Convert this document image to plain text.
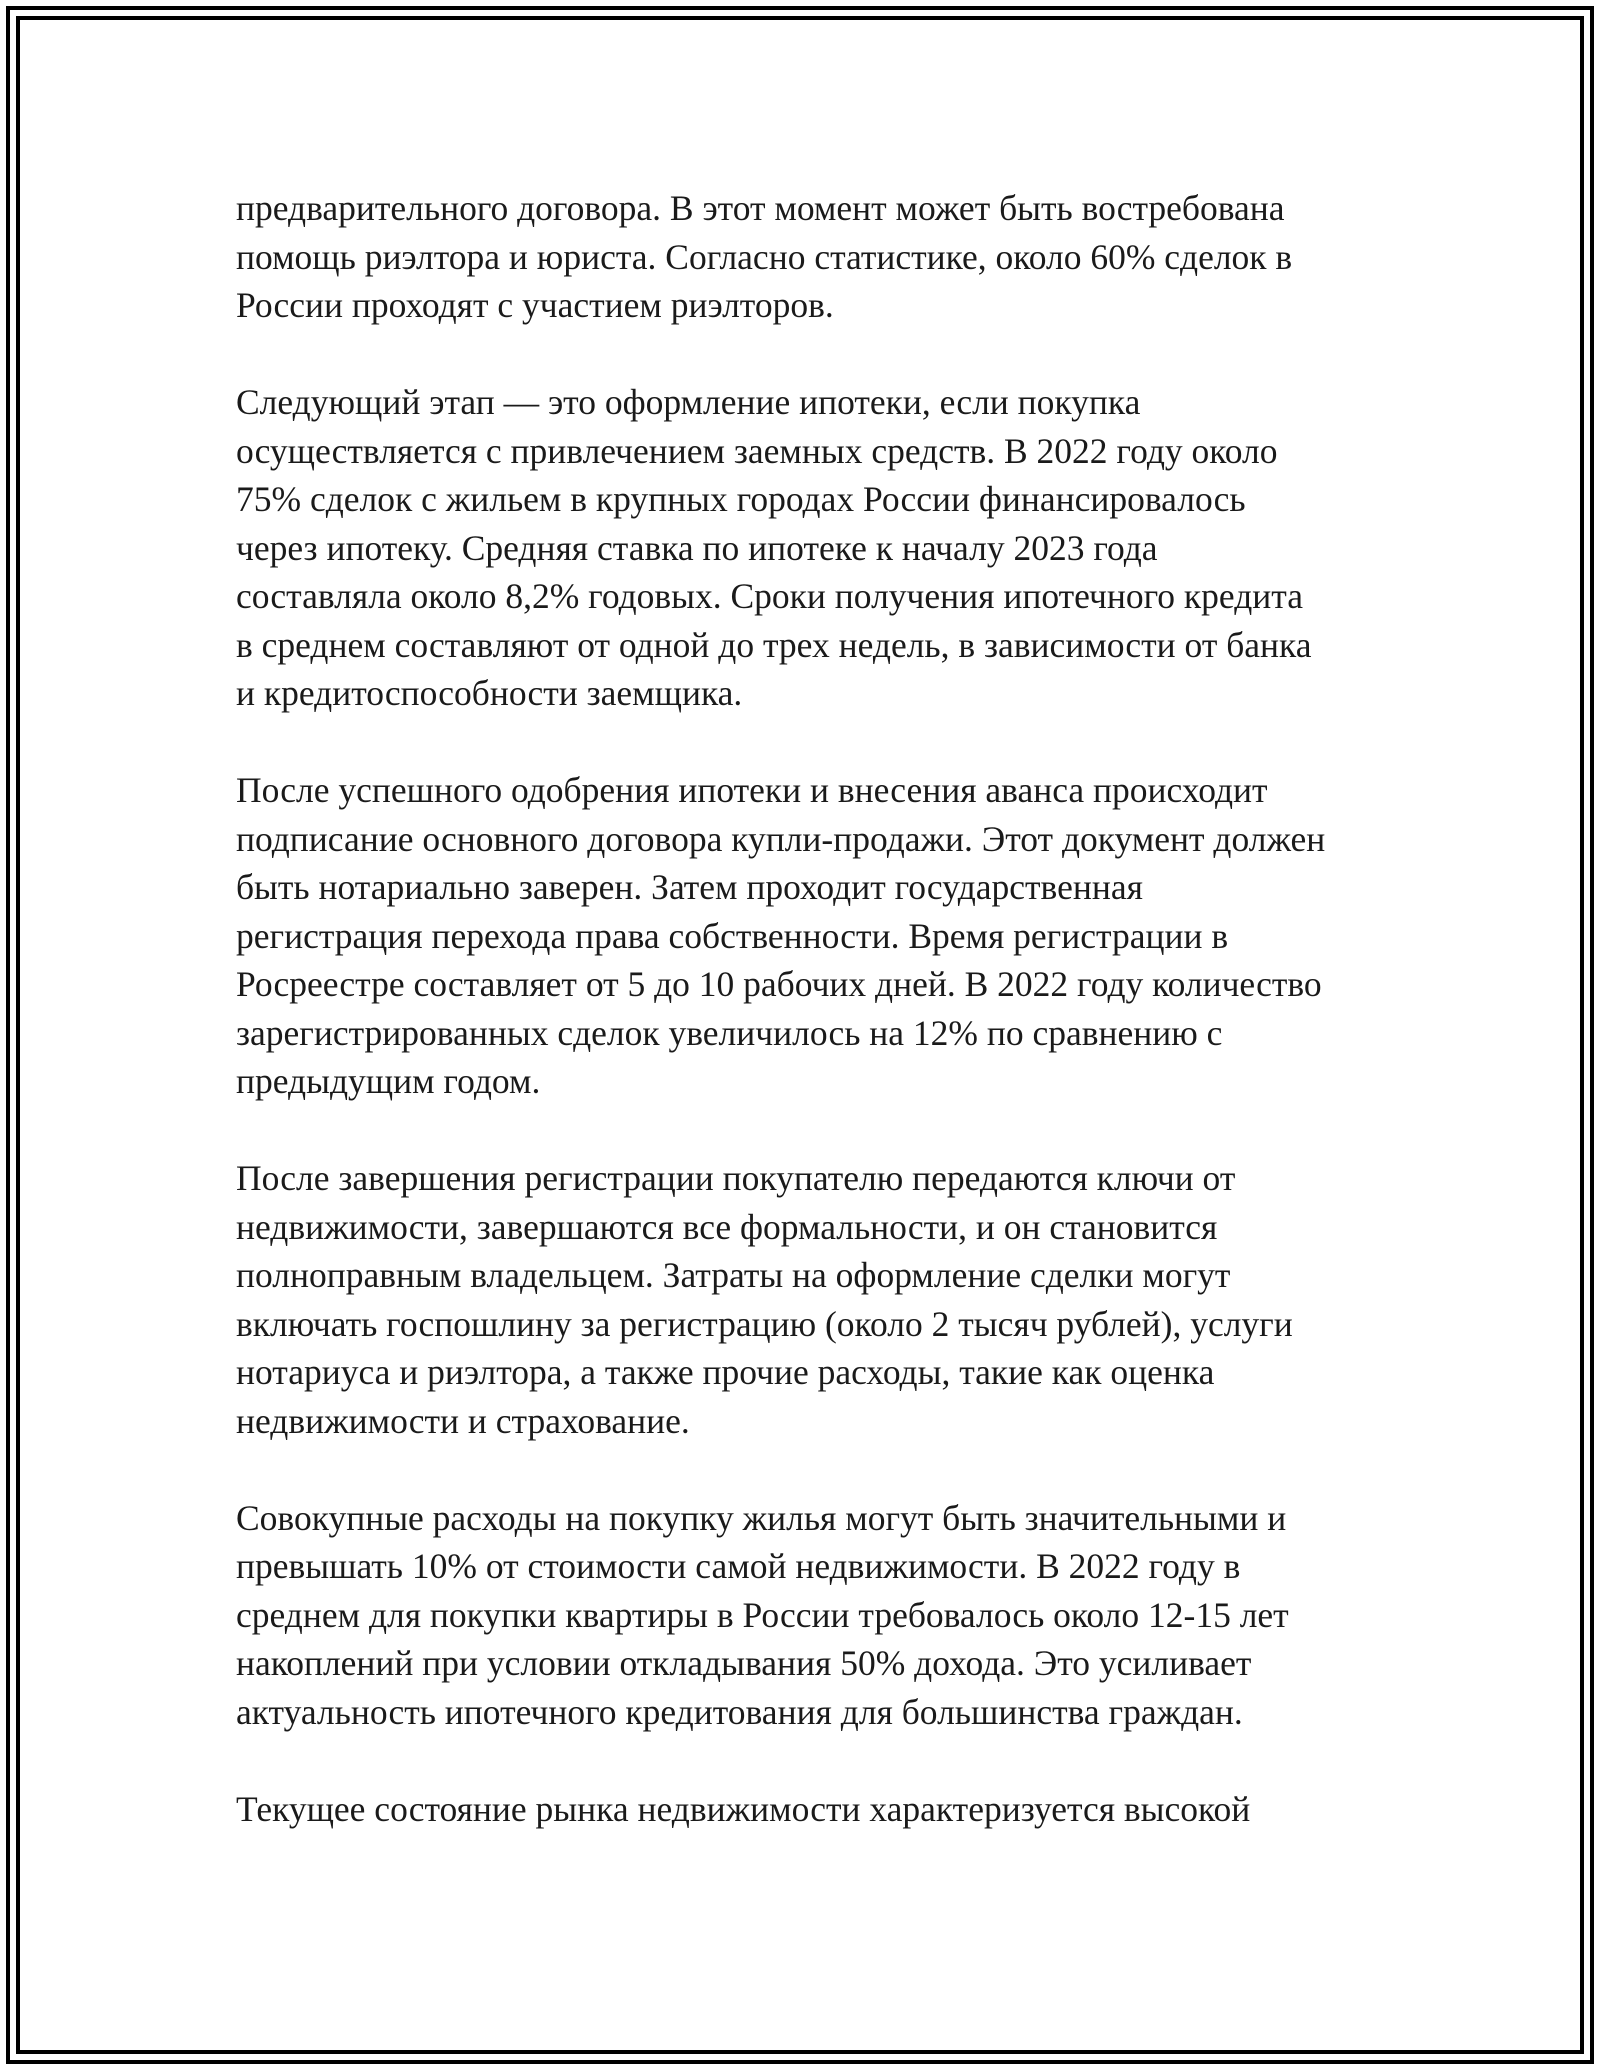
предварительного договора. В этот момент может быть востребована
помощь риэлтора и юриста. Согласно статистике, около 60% сделок в
России проходят с участием риэлторов.

Следующий этап — это оформление ипотеки, если покупка
осуществляется с привлечением заемных средств. В 2022 году около
75% сделок с жильем в крупных городах России финансировалось
через ипотеку. Средняя ставка по ипотеке к началу 2023 года
составляла около 8,2% годовых. Сроки получения ипотечного кредита
в среднем составляют от одной до трех недель, в зависимости от банка
и кредитоспособности заемщика.

После успешного одобрения ипотеки и внесения аванса происходит
подписание основного договора купли-продажи. Этот документ должен
быть нотариально заверен. Затем проходит государственная
регистрация перехода права собственности. Время регистрации в
Росреестре составляет от 5 до 10 рабочих дней. В 2022 году количество
зарегистрированных сделок увеличилось на 12% по сравнению с
предыдущим годом.

После завершения регистрации покупателю передаются ключи от
недвижимости, завершаются все формальности, и он становится
полноправным владельцем. Затраты на оформление сделки могут
включать госпошлину за регистрацию (около 2 тысяч рублей), услуги
нотариуса и риэлтора, а также прочие расходы, такие как оценка
недвижимости и страхование.

Совокупные расходы на покупку жилья могут быть значительными и
превышать 10% от стоимости самой недвижимости. В 2022 году в
среднем для покупки квартиры в России требовалось около 12-15 лет
накоплений при условии откладывания 50% дохода. Это усиливает
актуальность ипотечного кредитования для большинства граждан.

Текущее состояние рынка недвижимости характеризуется высокой
